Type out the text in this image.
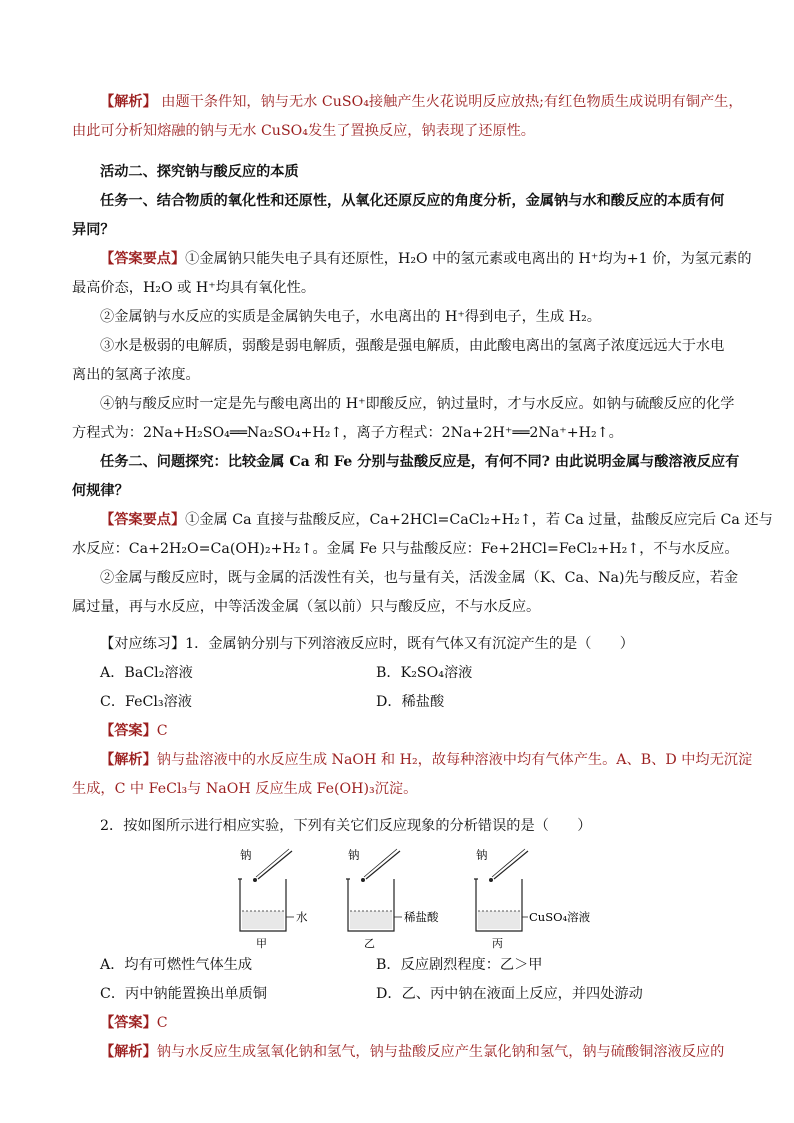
【解析】 由题干条件知，钠与无水 CuSO₄接触产生火花说明反应放热;有红色物质生成说明有铜产生，

由此可分析知熔融的钠与无水 CuSO₄发生了置换反应，钠表现了还原性。

活动二、探究钠与酸反应的本质

任务一、结合物质的氧化性和还原性，从氧化还原反应的角度分析，金属钠与水和酸反应的本质有何

异同？

【答案要点】①金属钠只能失电子具有还原性，H₂O 中的氢元素或电离出的 H⁺均为+1 价，为氢元素的

最高价态，H₂O 或 H⁺均具有氧化性。

②金属钠与水反应的实质是金属钠失电子，水电离出的 H⁺得到电子，生成 H₂。

③水是极弱的电解质，弱酸是弱电解质，强酸是强电解质，由此酸电离出的氢离子浓度远远大于水电

离出的氢离子浓度。

④钠与酸反应时一定是先与酸电离出的 H⁺即酸反应，钠过量时，才与水反应。如钠与硫酸反应的化学

方程式为：2Na+H₂SO₄══Na₂SO₄+H₂↑，离子方程式：2Na+2H⁺══2Na⁺+H₂↑。

任务二、问题探究：比较金属 Ca 和 Fe 分别与盐酸反应是，有何不同? 由此说明金属与酸溶液反应有

何规律？

【答案要点】①金属 Ca 直接与盐酸反应，Ca+2HCl=CaCl₂+H₂↑，若 Ca 过量，盐酸反应完后 Ca 还与

水反应：Ca+2H₂O=Ca(OH)₂+H₂↑。金属 Fe 只与盐酸反应：Fe+2HCl=FeCl₂+H₂↑，不与水反应。

②金属与酸反应时，既与金属的活泼性有关，也与量有关，活泼金属（K、Ca、Na)先与酸反应，若金

属过量，再与水反应，中等活泼金属（氢以前）只与酸反应，不与水反应。

【对应练习】1．金属钠分别与下列溶液反应时，既有气体又有沉淀产生的是（　　）

A．BaCl₂溶液	B．K₂SO₄溶液
C．FeCl₃溶液	D．稀盐酸

【答案】C

【解析】钠与盐溶液中的水反应生成 NaOH 和 H₂，故每种溶液中均有气体产生。A、B、D 中均无沉淀

生成，C 中 FeCl₃与 NaOH 反应生成 Fe(OH)₃沉淀。

2．按如图所示进行相应实验，下列有关它们反应现象的分析错误的是（　　）

钠
水
甲
钠
稀盐酸
乙
钠
CuSO₄溶液
丙
A．均有可燃性气体生成	B．反应剧烈程度：乙＞甲
C．丙中钠能置换出单质铜	D．乙、丙中钠在液面上反应，并四处游动

【答案】C

【解析】钠与水反应生成氢氧化钠和氢气，钠与盐酸反应产生氯化钠和氢气，钠与硫酸铜溶液反应的
